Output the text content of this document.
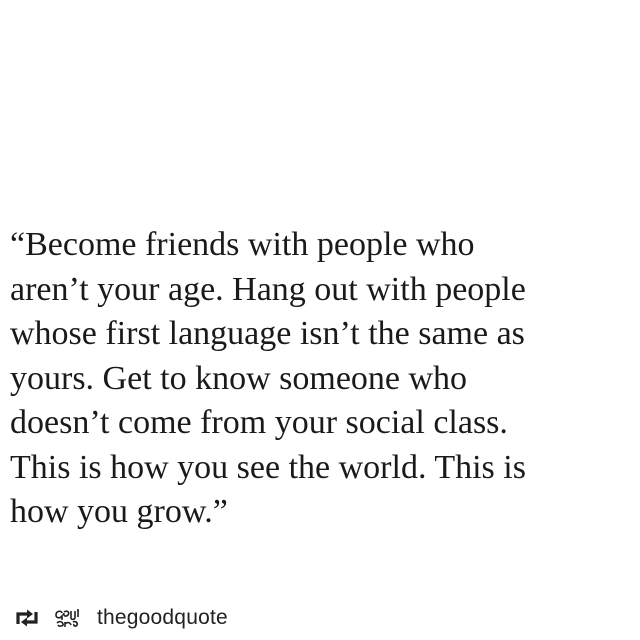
“Become friends with people who
aren’t your age. Hang out with people
whose first language isn’t the same as
yours. Get to know someone who
doesn’t come from your social class.
This is how you see the world. This is
how you grow.”
thegoodquote
